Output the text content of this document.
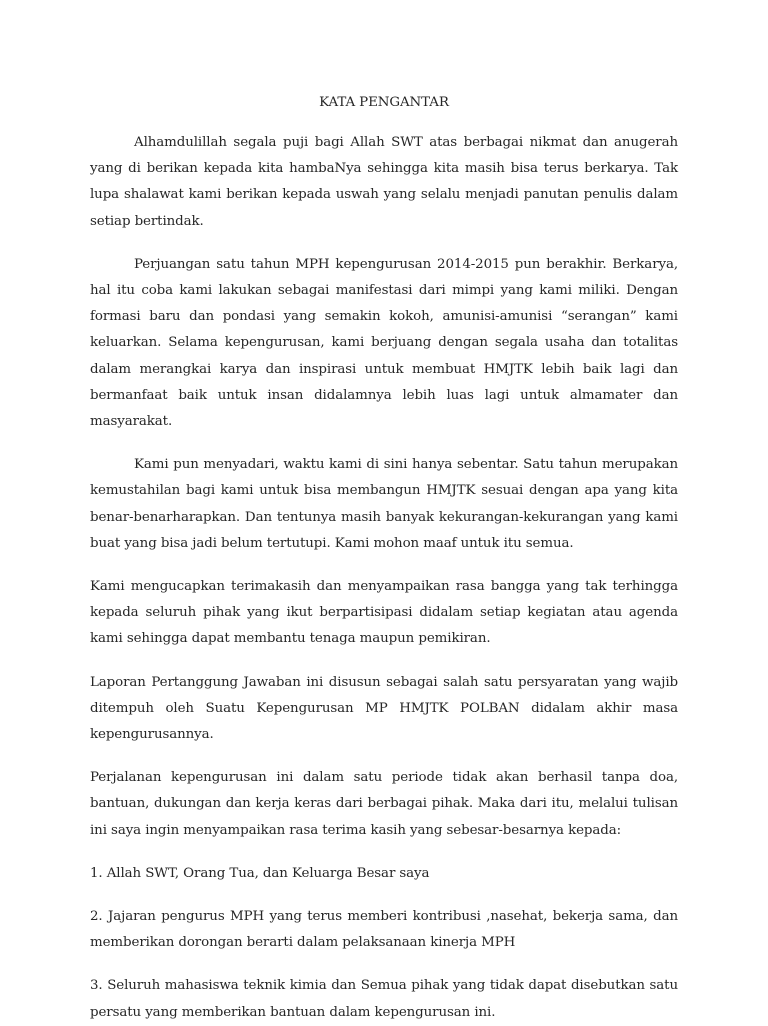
KATA PENGANTAR

Alhamdulillah segala puji bagi Allah SWT atas berbagai nikmat dan anugerah yang di berikan kepada kita hambaNya sehingga kita masih bisa terus berkarya. Tak lupa shalawat kami berikan kepada uswah yang selalu menjadi panutan penulis dalam setiap bertindak.

Perjuangan satu tahun MPH kepengurusan 2014-2015 pun berakhir. Berkarya, hal itu coba kami lakukan sebagai manifestasi dari mimpi yang kami miliki. Dengan formasi baru dan pondasi yang semakin kokoh, amunisi-amunisi “serangan” kami keluarkan. Selama kepengurusan, kami berjuang dengan segala usaha dan totalitas dalam merangkai karya dan inspirasi untuk membuat HMJTK lebih baik lagi dan bermanfaat baik untuk insan didalamnya lebih luas lagi untuk almamater dan masyarakat.

Kami pun menyadari, waktu kami di sini hanya sebentar. Satu tahun merupakan kemustahilan bagi kami untuk bisa membangun HMJTK sesuai dengan apa yang kita benar-benarharapkan. Dan tentunya masih banyak kekurangan-kekurangan yang kami buat yang bisa jadi belum tertutupi. Kami mohon maaf untuk itu semua.

Kami mengucapkan terimakasih dan menyampaikan rasa bangga yang tak terhingga kepada seluruh pihak yang ikut berpartisipasi didalam setiap kegiatan atau agenda kami sehingga dapat membantu tenaga maupun pemikiran.

Laporan Pertanggung Jawaban ini disusun sebagai salah satu persyaratan yang wajib ditempuh oleh Suatu Kepengurusan MP HMJTK POLBAN didalam akhir masa kepengurusannya.

Perjalanan kepengurusan ini dalam satu periode tidak akan berhasil tanpa doa, bantuan, dukungan dan kerja keras dari berbagai pihak. Maka dari itu, melalui tulisan ini saya ingin menyampaikan rasa terima kasih yang sebesar-besarnya kepada:

1. Allah SWT, Orang Tua, dan Keluarga Besar saya

2. Jajaran pengurus MPH yang terus memberi kontribusi ,nasehat, bekerja sama, dan memberikan dorongan berarti dalam pelaksanaan kinerja MPH

3. Seluruh mahasiswa teknik kimia dan Semua pihak yang tidak dapat disebutkan satu persatu yang memberikan bantuan dalam kepengurusan ini.
